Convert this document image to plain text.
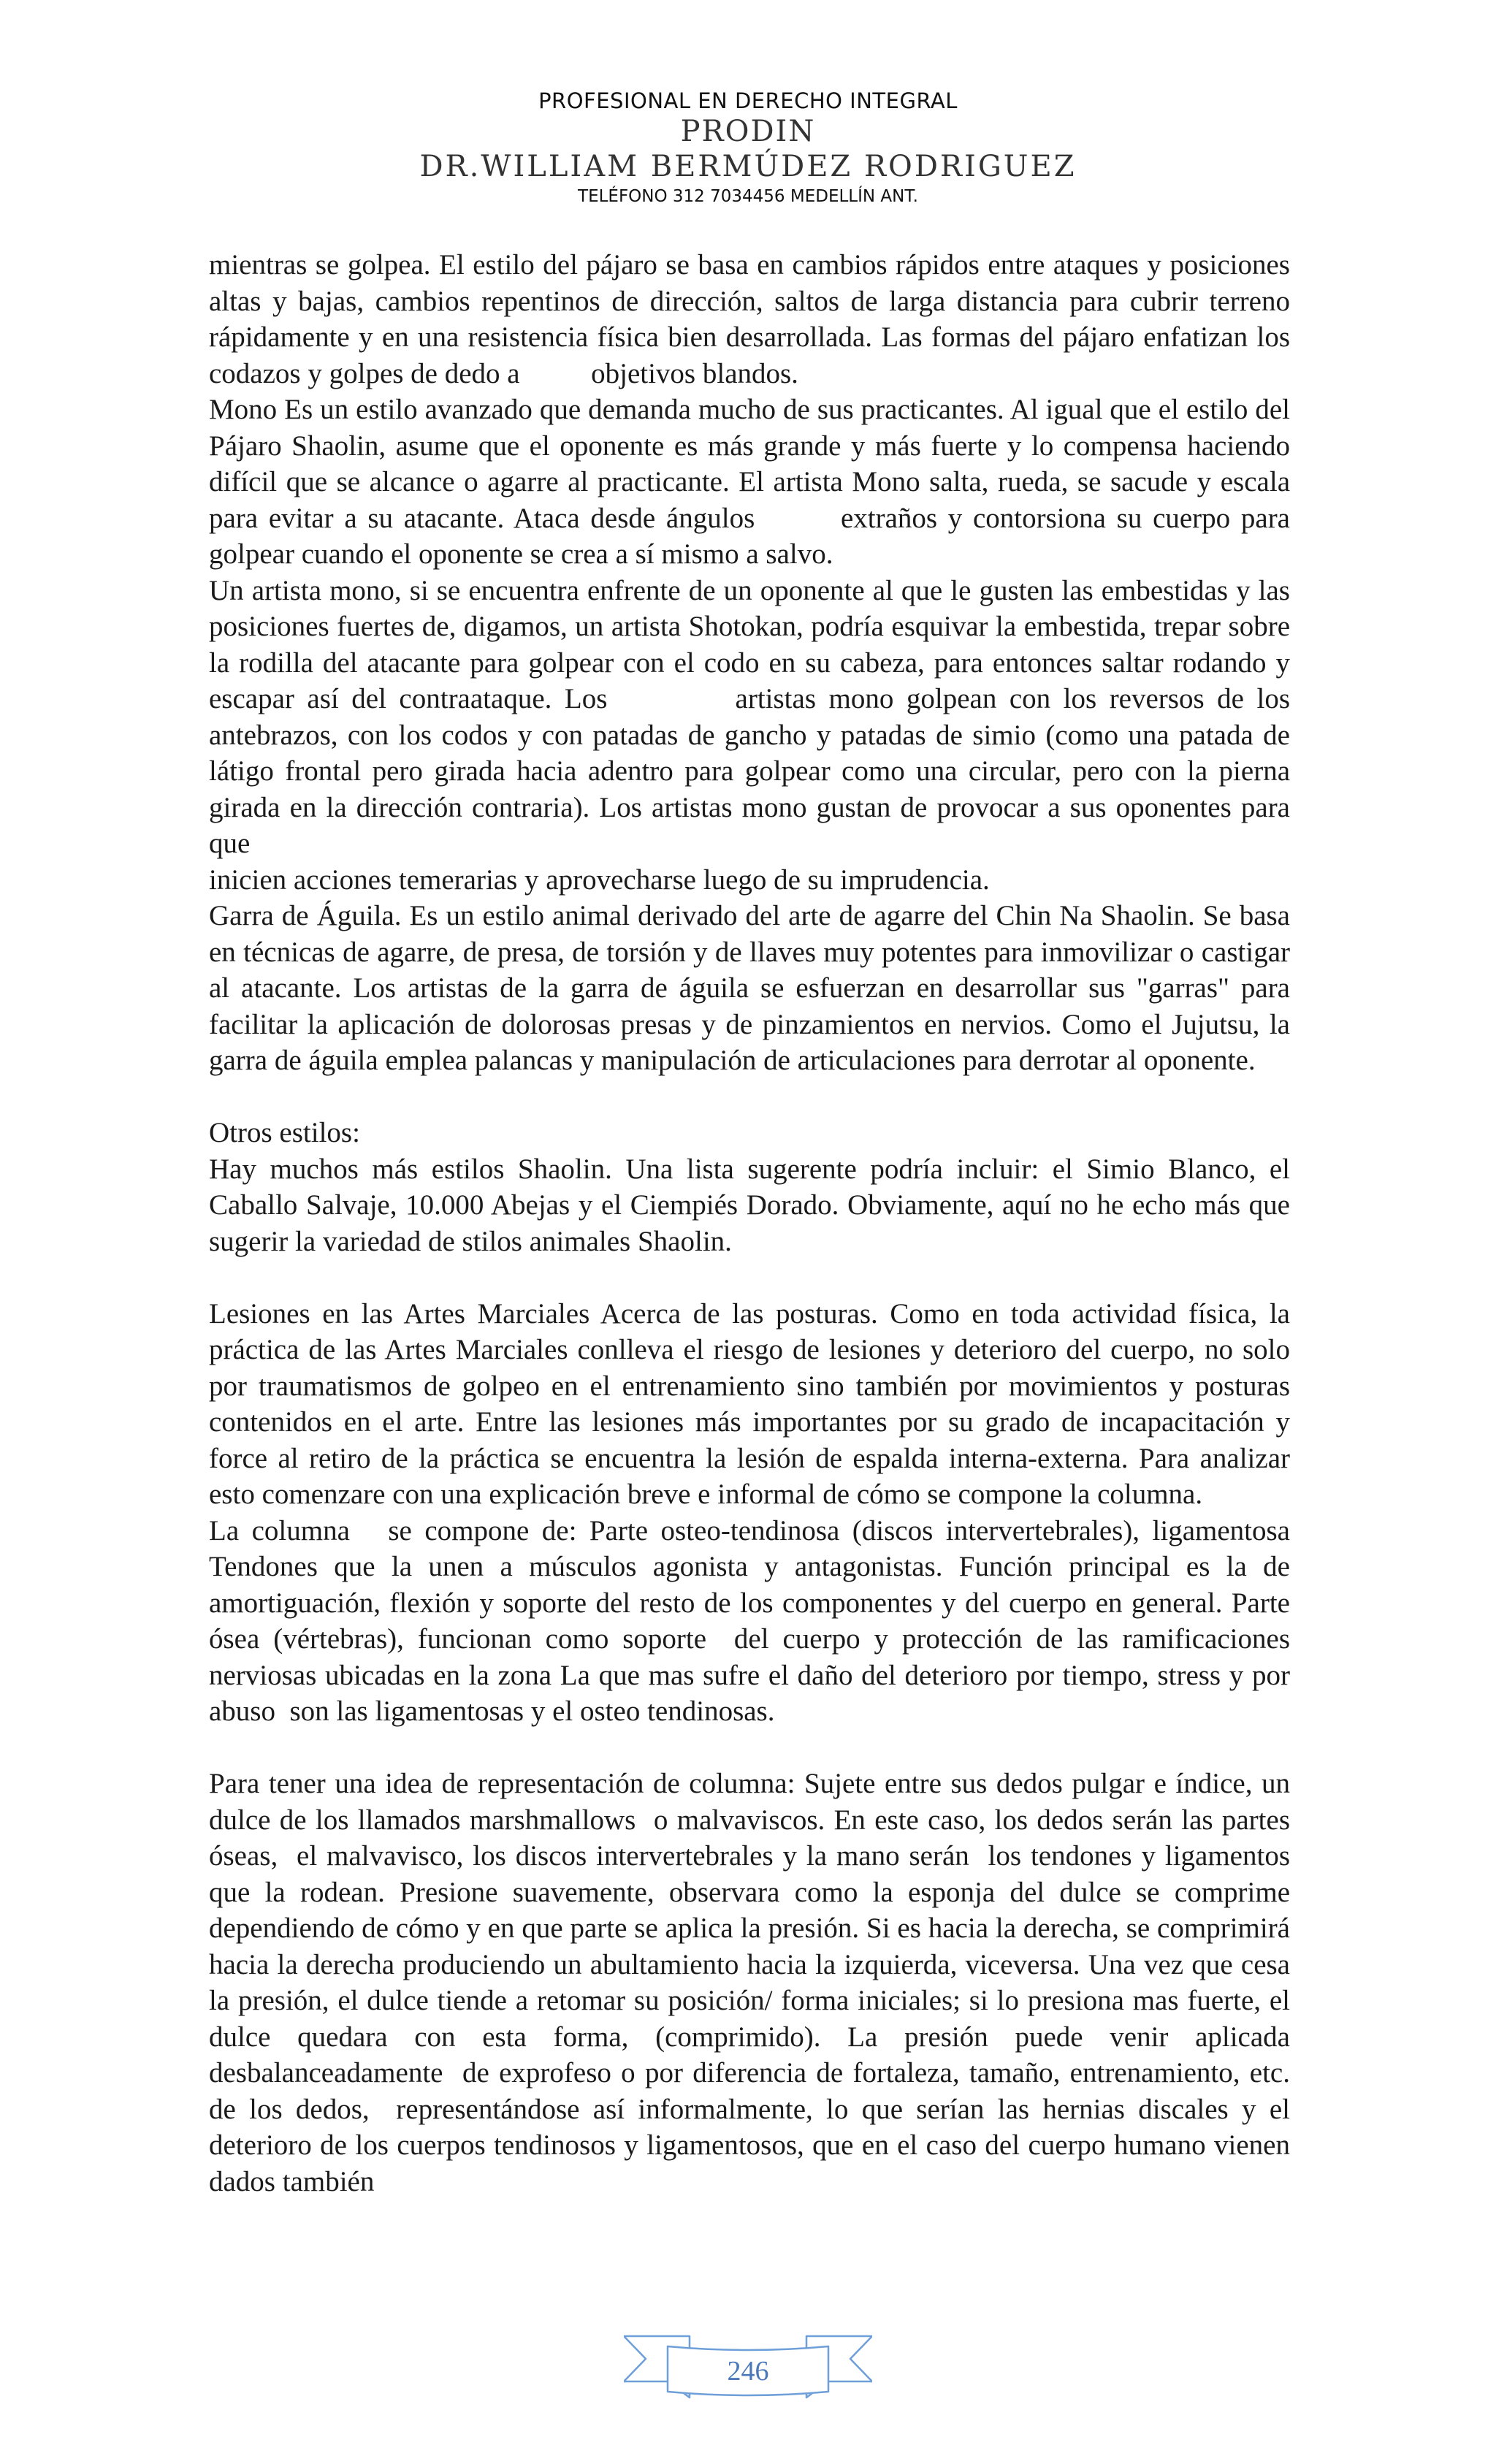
PROFESIONAL EN DERECHO INTEGRAL
PRODIN
DR.WILLIAM BERMÚDEZ RODRIGUEZ
TELÉFONO 312 7034456 MEDELLÍN ANT.

mientras se golpea. El estilo del pájaro se basa en cambios rápidos entre ataques y posiciones altas y bajas, cambios repentinos de dirección, saltos de larga distancia para cubrir terreno rápidamente y en una resistencia física bien desarrollada. Las formas del pájaro enfatizan los codazos y golpes de dedo a          objetivos blandos.

Mono Es un estilo avanzado que demanda mucho de sus practicantes. Al igual que el estilo del Pájaro Shaolin, asume que el oponente es más grande y más fuerte y lo compensa haciendo difícil que se alcance o agarre al practicante. El artista Mono salta, rueda, se sacude y escala para evitar a su atacante. Ataca desde ángulos        extraños y contorsiona su cuerpo para golpear cuando el oponente se crea a sí mismo a salvo.

Un artista mono, si se encuentra enfrente de un oponente al que le gusten las embestidas y las posiciones fuertes de, digamos, un artista Shotokan, podría esquivar la embestida, trepar sobre la rodilla del atacante para golpear con el codo en su cabeza, para entonces saltar rodando y escapar así del contraataque. Los          artistas mono golpean con los reversos de los antebrazos, con los codos y con patadas de gancho y patadas de simio (como una patada de látigo frontal pero girada hacia adentro para golpear como una circular, pero con la pierna girada en la dirección contraria). Los artistas mono gustan de provocar a sus oponentes para que

inicien acciones temerarias y aprovecharse luego de su imprudencia.

Garra de Águila. Es un estilo animal derivado del arte de agarre del Chin Na Shaolin. Se basa en técnicas de agarre, de presa, de torsión y de llaves muy potentes para inmovilizar o castigar al atacante. Los artistas de la garra de águila se esfuerzan en desarrollar sus "garras" para facilitar la aplicación de dolorosas presas y de pinzamientos en nervios. Como el Jujutsu, la garra de águila emplea palancas y manipulación de articulaciones para derrotar al oponente.

Otros estilos:

Hay muchos más estilos Shaolin. Una lista sugerente podría incluir: el Simio Blanco, el Caballo Salvaje, 10.000 Abejas y el Ciempiés Dorado. Obviamente, aquí no he echo más que sugerir la variedad de stilos animales Shaolin.

Lesiones en las Artes Marciales Acerca de las posturas. Como en toda actividad física, la práctica de las Artes Marciales conlleva el riesgo de lesiones y deterioro del cuerpo, no solo por traumatismos de golpeo en el entrenamiento sino también por movimientos y posturas contenidos en el arte. Entre las lesiones más importantes por su grado de incapacitación y force al retiro de la práctica se encuentra la lesión de espalda interna-externa. Para analizar esto comenzare con una explicación breve e informal de cómo se compone la columna.

La columna   se compone de: Parte osteo-tendinosa (discos intervertebrales), ligamentosa Tendones que la unen a músculos agonista y antagonistas. Función principal es la de amortiguación, flexión y soporte del resto de los componentes y del cuerpo en general. Parte ósea (vértebras), funcionan como soporte  del cuerpo y protección de las ramificaciones nerviosas ubicadas en la zona La que mas sufre el daño del deterioro por tiempo, stress y por abuso  son las ligamentosas y el osteo tendinosas.

Para tener una idea de representación de columna: Sujete entre sus dedos pulgar e índice, un dulce de los llamados marshmallows  o malvaviscos. En este caso, los dedos serán las partes óseas,  el malvavisco, los discos intervertebrales y la mano serán  los tendones y ligamentos que la rodean. Presione suavemente, observara como la esponja del dulce se comprime dependiendo de cómo y en que parte se aplica la presión. Si es hacia la derecha, se comprimirá hacia la derecha produciendo un abultamiento hacia la izquierda, viceversa. Una vez que cesa la presión, el dulce tiende a retomar su posición/ forma iniciales; si lo presiona mas fuerte, el dulce quedara con esta forma, (comprimido). La presión puede venir aplicada desbalanceadamente  de exprofeso o por diferencia de fortaleza, tamaño, entrenamiento, etc. de los dedos,  representándose así informalmente, lo que serían las hernias discales y el deterioro de los cuerpos tendinosos y ligamentosos, que en el caso del cuerpo humano vienen dados también

246
